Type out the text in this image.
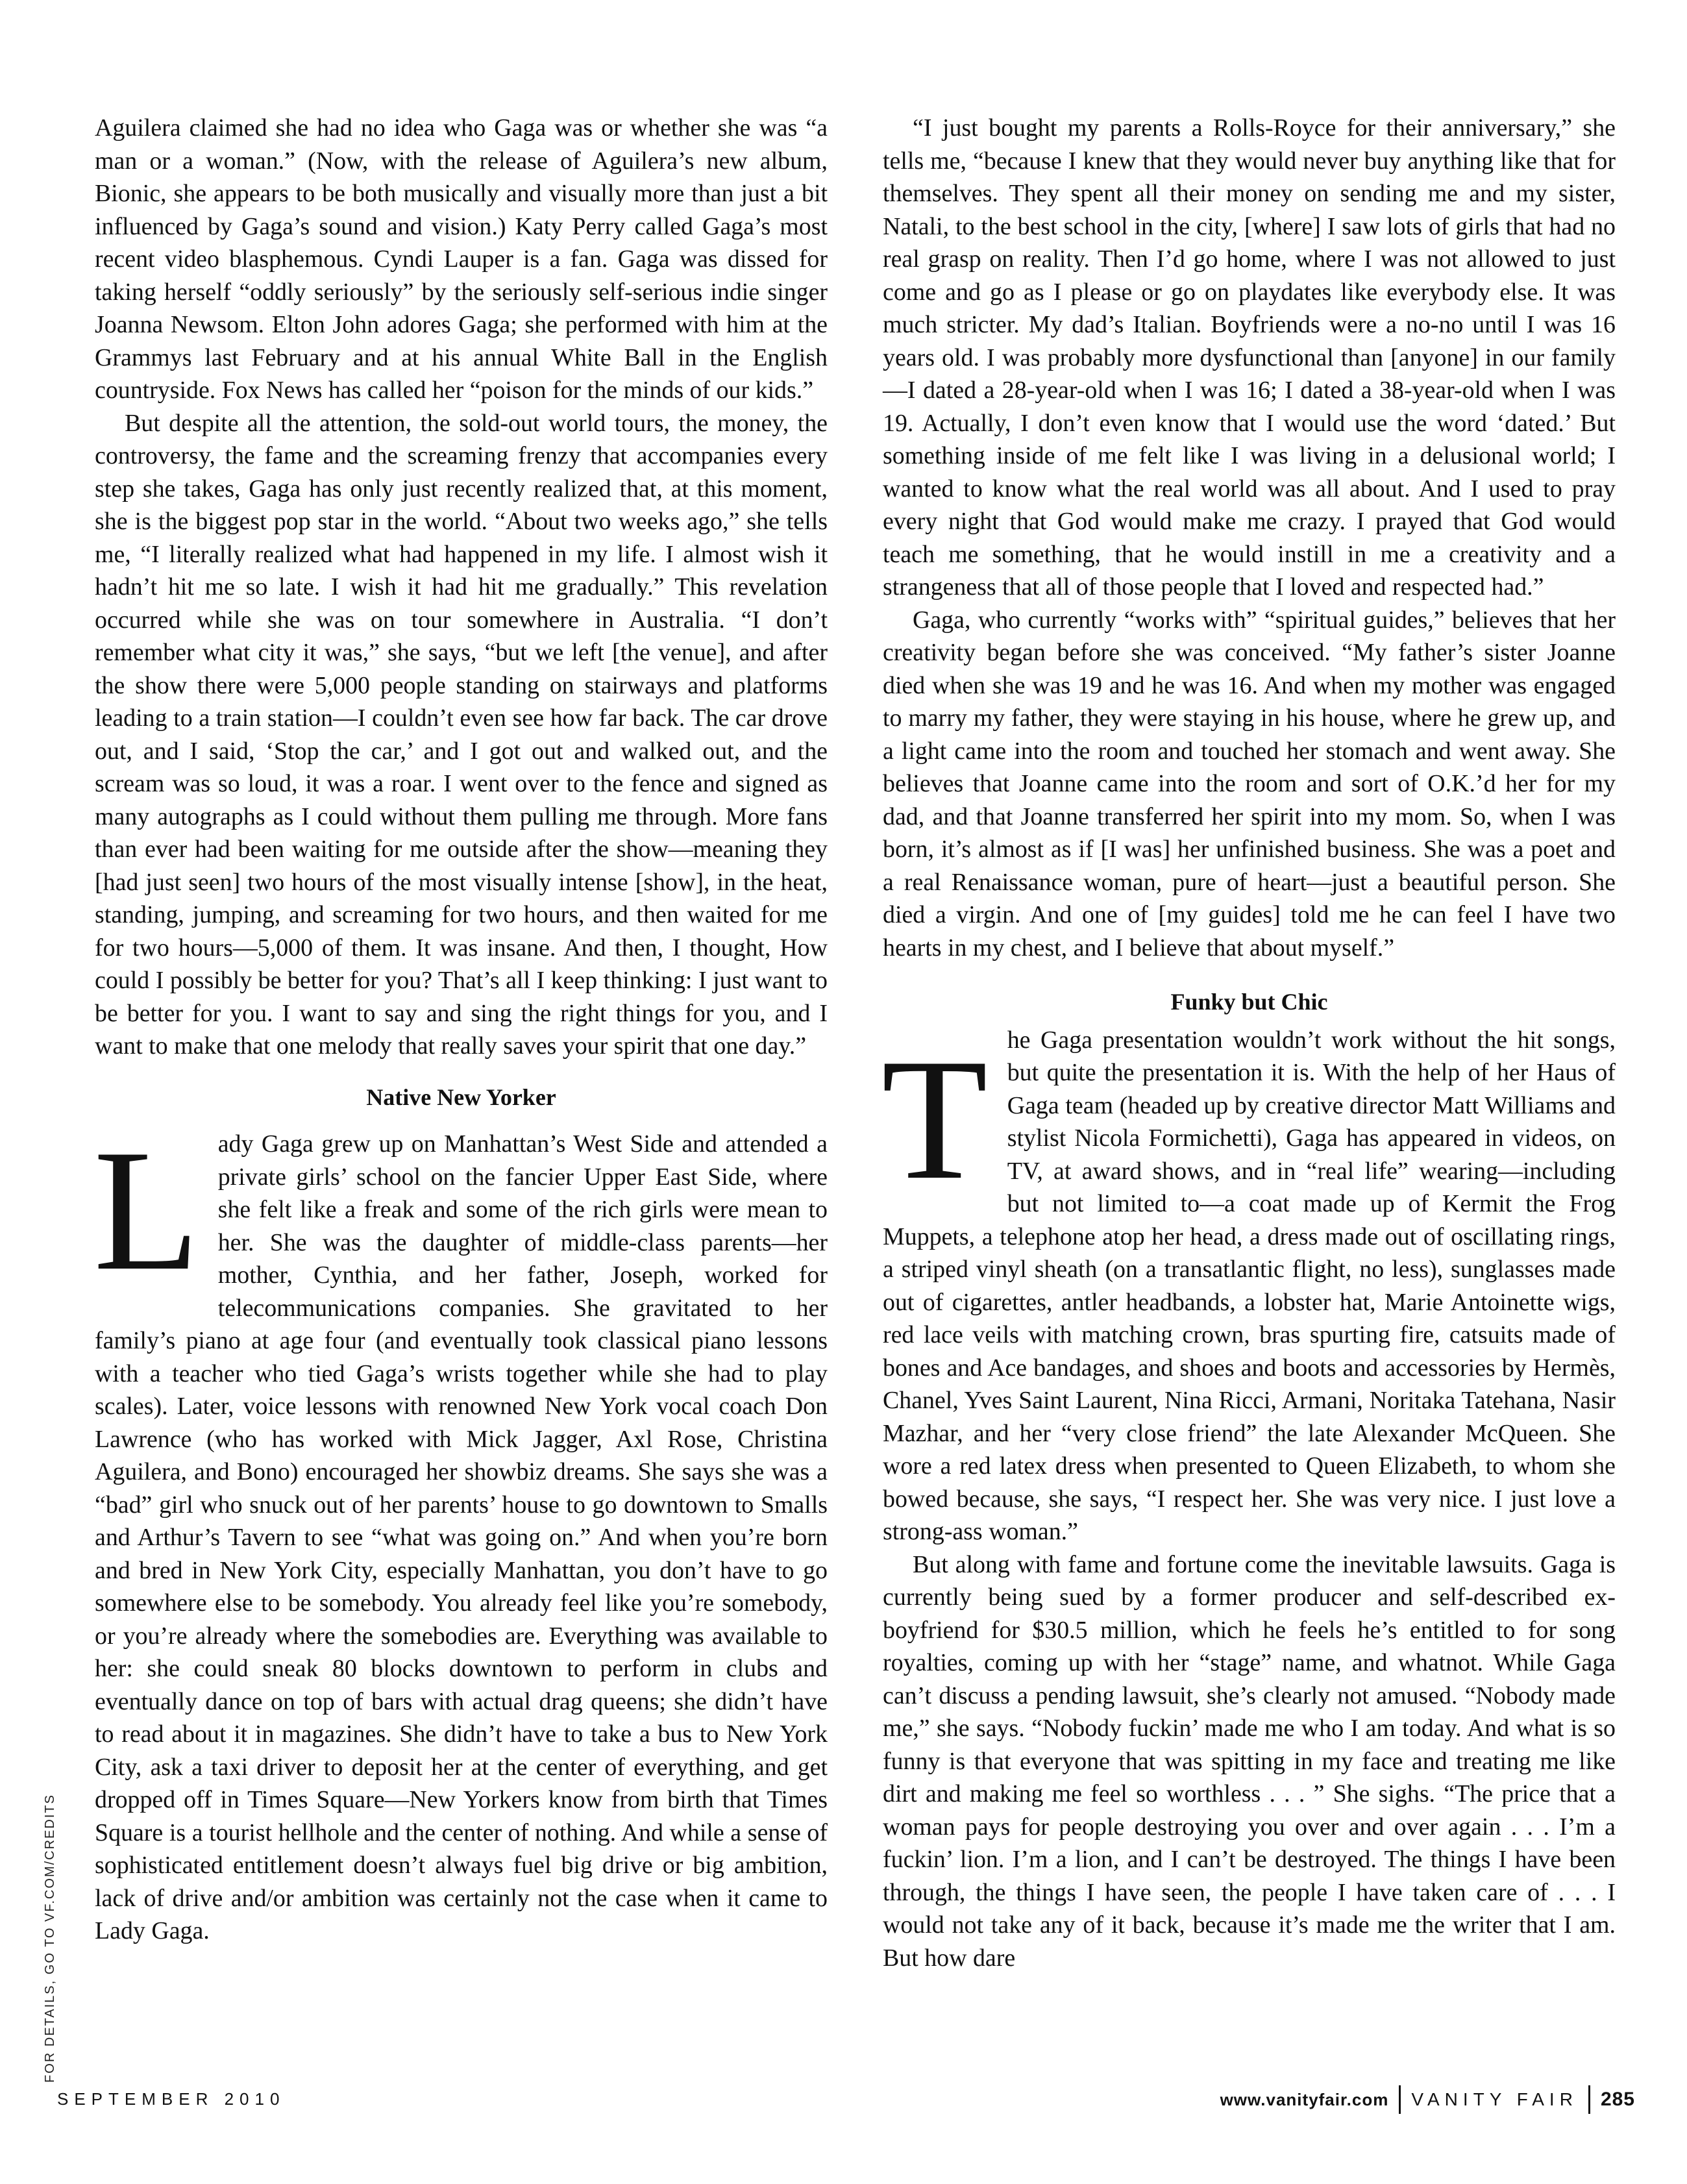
Aguilera claimed she had no idea who Gaga was or whether she was “a man or a woman.” (Now, with the release of Aguilera’s new album, Bionic, she appears to be both musically and visually more than just a bit influenced by Gaga’s sound and vision.) Katy Perry called Gaga’s most recent video blasphemous. Cyndi Lauper is a fan. Gaga was dissed for taking herself “oddly seriously” by the seriously self-serious indie singer Joanna Newsom. Elton John adores Gaga; she performed with him at the Grammys last February and at his annual White Ball in the English countryside. Fox News has called her “poison for the minds of our kids.”

But despite all the attention, the sold-out world tours, the money, the controversy, the fame and the screaming frenzy that accompanies every step she takes, Gaga has only just recently realized that, at this moment, she is the biggest pop star in the world. “About two weeks ago,” she tells me, “I literally realized what had happened in my life. I almost wish it hadn’t hit me so late. I wish it had hit me gradually.” This revelation occurred while she was on tour somewhere in Australia. “I don’t remember what city it was,” she says, “but we left [the venue], and after the show there were 5,000 people standing on stairways and platforms leading to a train station—I couldn’t even see how far back. The car drove out, and I said, ‘Stop the car,’ and I got out and walked out, and the scream was so loud, it was a roar. I went over to the fence and signed as many autographs as I could without them pulling me through. More fans than ever had been waiting for me outside after the show—meaning they [had just seen] two hours of the most visually intense [show], in the heat, standing, jumping, and screaming for two hours, and then waited for me for two hours—5,000 of them. It was insane. And then, I thought, How could I possibly be better for you? That’s all I keep thinking: I just want to be better for you. I want to say and sing the right things for you, and I want to make that one melody that really saves your spirit that one day.”

Native New Yorker

Lady Gaga grew up on Manhattan’s West Side and attended a private girls’ school on the fancier Upper East Side, where she felt like a freak and some of the rich girls were mean to her. She was the daughter of middle-class parents—her mother, Cynthia, and her father, Joseph, worked for telecommunications companies. She gravitated to her family’s piano at age four (and eventually took classical piano lessons with a teacher who tied Gaga’s wrists together while she had to play scales). Later, voice lessons with renowned New York vocal coach Don Lawrence (who has worked with Mick Jagger, Axl Rose, Christina Aguilera, and Bono) encouraged her showbiz dreams. She says she was a “bad” girl who snuck out of her parents’ house to go downtown to Smalls and Arthur’s Tavern to see “what was going on.” And when you’re born and bred in New York City, especially Manhattan, you don’t have to go somewhere else to be somebody. You already feel like you’re somebody, or you’re already where the somebodies are. Everything was available to her: she could sneak 80 blocks downtown to perform in clubs and eventually dance on top of bars with actual drag queens; she didn’t have to read about it in magazines. She didn’t have to take a bus to New York City, ask a taxi driver to deposit her at the center of everything, and get dropped off in Times Square—New Yorkers know from birth that Times Square is a tourist hellhole and the center of nothing. And while a sense of sophisticated entitlement doesn’t always fuel big drive or big ambition, lack of drive and/or ambition was certainly not the case when it came to Lady Gaga.

“I just bought my parents a Rolls-Royce for their anniversary,” she tells me, “because I knew that they would never buy anything like that for themselves. They spent all their money on sending me and my sister, Natali, to the best school in the city, [where] I saw lots of girls that had no real grasp on reality. Then I’d go home, where I was not allowed to just come and go as I please or go on playdates like everybody else. It was much stricter. My dad’s Italian. Boyfriends were a no-no until I was 16 years old. I was probably more dysfunctional than [anyone] in our family—I dated a 28-year-old when I was 16; I dated a 38-year-old when I was 19. Actually, I don’t even know that I would use the word ‘dated.’ But something inside of me felt like I was living in a delusional world; I wanted to know what the real world was all about. And I used to pray every night that God would make me crazy. I prayed that God would teach me something, that he would instill in me a creativity and a strangeness that all of those people that I loved and respected had.”

Gaga, who currently “works with” “spiritual guides,” believes that her creativity began before she was conceived. “My father’s sister Joanne died when she was 19 and he was 16. And when my mother was engaged to marry my father, they were staying in his house, where he grew up, and a light came into the room and touched her stomach and went away. She believes that Joanne came into the room and sort of O.K.’d her for my dad, and that Joanne transferred her spirit into my mom. So, when I was born, it’s almost as if [I was] her unfinished business. She was a poet and a real Renaissance woman, pure of heart—just a beautiful person. She died a virgin. And one of [my guides] told me he can feel I have two hearts in my chest, and I believe that about myself.”

Funky but Chic

The Gaga presentation wouldn’t work without the hit songs, but quite the presentation it is. With the help of her Haus of Gaga team (headed up by creative director Matt Williams and stylist Nicola Formichetti), Gaga has appeared in videos, on TV, at award shows, and in “real life” wearing—including but not limited to—a coat made up of Kermit the Frog Muppets, a telephone atop her head, a dress made out of oscillating rings, a striped vinyl sheath (on a transatlantic flight, no less), sunglasses made out of cigarettes, antler headbands, a lobster hat, Marie Antoinette wigs, red lace veils with matching crown, bras spurting fire, catsuits made of bones and Ace bandages, and shoes and boots and accessories by Hermès, Chanel, Yves Saint Laurent, Nina Ricci, Armani, Noritaka Tatehana, Nasir Mazhar, and her “very close friend” the late Alexander McQueen. She wore a red latex dress when presented to Queen Elizabeth, to whom she bowed because, she says, “I respect her. She was very nice. I just love a strong-ass woman.”

But along with fame and fortune come the inevitable lawsuits. Gaga is currently being sued by a former producer and self-described ex-boyfriend for $30.5 million, which he feels he’s entitled to for song royalties, coming up with her “stage” name, and whatnot. While Gaga can’t discuss a pending lawsuit, she’s clearly not amused. “Nobody made me,” she says. “Nobody fuckin’ made me who I am today. And what is so funny is that everyone that was spitting in my face and treating me like dirt and making me feel so worthless . . . ” She sighs. “The price that a woman pays for people destroying you over and over again . . . I’m a fuckin’ lion. I’m a lion, and I can’t be destroyed. The things I have been through, the things I have seen, the people I have taken care of . . . I would not take any of it back, because it’s made me the writer that I am. But how dare

FOR DETAILS, GO TO VF.COM/CREDITS
SEPTEMBER 2010	www.vanityfair.com VANITY FAIR 285
